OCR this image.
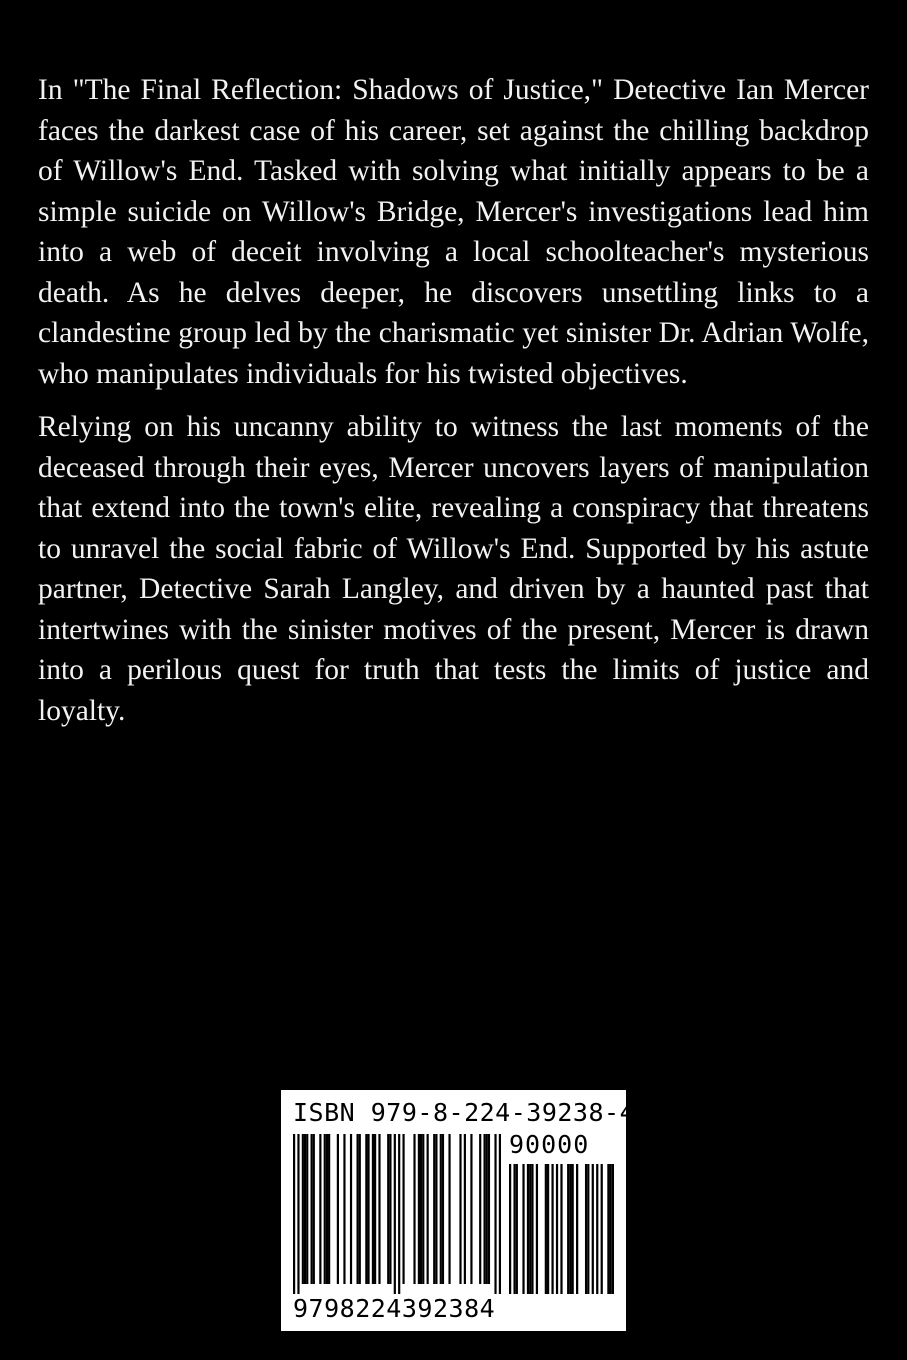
In "The Final Reflection: Shadows of Justice," Detective Ian Mercer faces the darkest case of his career, set against the chilling backdrop of Willow's End. Tasked with solving what initially appears to be a simple suicide on Willow's Bridge, Mercer's investigations lead him into a web of deceit involving a local schoolteacher's mysterious death. As he delves deeper, he discovers unsettling links to a clandestine group led by the charismatic yet sinister Dr. Adrian Wolfe, who manipulates individuals for his twisted objectives.

Relying on his uncanny ability to witness the last moments of the deceased through their eyes, Mercer uncovers layers of manipulation that extend into the town's elite, revealing a conspiracy that threatens to unravel the social fabric of Willow's End. Supported by his astute partner, Detective Sarah Langley, and driven by a haunted past that intertwines with the sinister motives of the present, Mercer is drawn into a perilous quest for truth that tests the limits of justice and loyalty.

ISBN 979-8-224-39238-4
90000
9798224392384
